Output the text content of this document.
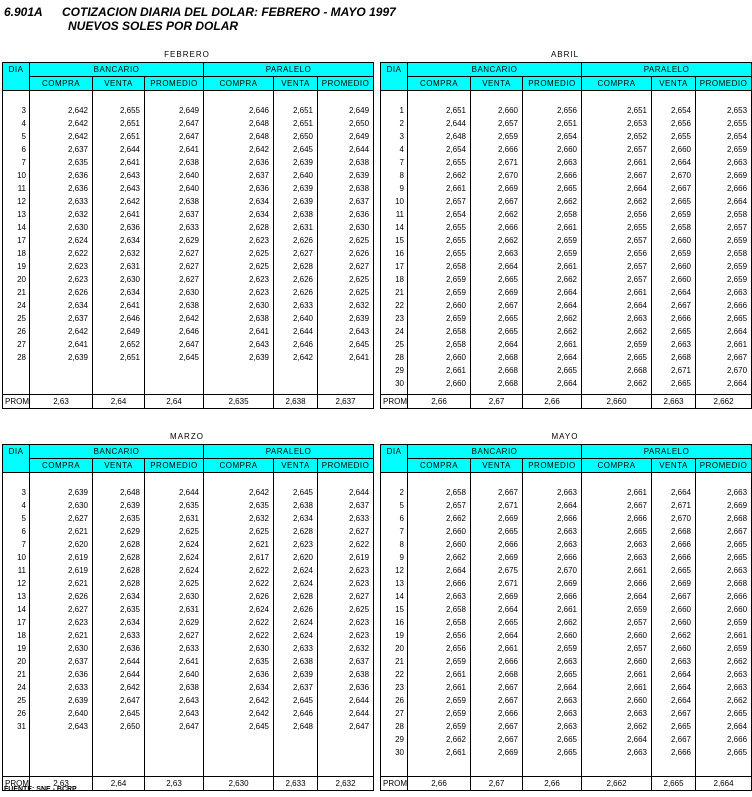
6.901A COTIZACION DIARIA DEL DOLAR: FEBRERO - MAYO 1997
NUEVOS SOLES POR DOLAR
FEBRERO
DIA	BANCARIO			PARALELO		
	COMPRA	VENTA	PROMEDIO	COMPRA	VENTA	PROMEDIO

3	2,642	2,655	2,649	2,646	2,651	2,649
4	2,642	2,651	2,647	2,648	2,651	2,650
5	2,642	2,651	2,647	2,648	2,650	2,649
6	2,637	2,644	2,641	2,642	2,645	2,644
7	2,635	2,641	2,638	2,636	2,639	2,638
10	2,636	2,643	2,640	2,637	2,640	2,639
11	2,636	2,643	2,640	2,636	2,639	2,638
12	2,633	2,642	2,638	2,634	2,639	2,637
13	2,632	2,641	2,637	2,634	2,638	2,636
14	2,630	2,636	2,633	2,628	2,631	2,630
17	2,624	2,634	2,629	2,623	2,626	2,625
18	2,622	2,632	2,627	2,625	2,627	2,626
19	2,623	2,631	2,627	2,625	2,628	2,627
20	2,623	2,630	2,627	2,623	2,626	2,625
21	2,626	2,634	2,630	2,623	2,626	2,625
24	2,634	2,641	2,638	2,630	2,633	2,632
25	2,637	2,646	2,642	2,638	2,640	2,639
26	2,642	2,649	2,646	2,641	2,644	2,643
27	2,641	2,652	2,647	2,643	2,646	2,645
28	2,639	2,651	2,645	2,639	2,642	2,641

PROM	2,63	2,64	2,64	2,635	2,638	2,637
ABRIL
DIA	BANCARIO			PARALELO		
	COMPRA	VENTA	PROMEDIO	COMPRA	VENTA	PROMEDIO

1	2,651	2,660	2,656	2,651	2,654	2,653
2	2,644	2,657	2,651	2,653	2,656	2,655
3	2,648	2,659	2,654	2,652	2,655	2,654
4	2,654	2,666	2,660	2,657	2,660	2,659
7	2,655	2,671	2,663	2,661	2,664	2,663
8	2,662	2,670	2,666	2,667	2,670	2,669
9	2,661	2,669	2,665	2,664	2,667	2,666
10	2,657	2,667	2,662	2,662	2,665	2,664
11	2,654	2,662	2,658	2,656	2,659	2,658
14	2,655	2,666	2,661	2,655	2,658	2,657
15	2,655	2,662	2,659	2,657	2,660	2,659
16	2,655	2,663	2,659	2,656	2,659	2,658
17	2,658	2,664	2,661	2,657	2,660	2,659
18	2,659	2,665	2,662	2,657	2,660	2,659
21	2,659	2,669	2,664	2,661	2,664	2,663
22	2,660	2,667	2,664	2,664	2,667	2,666
23	2,659	2,665	2,662	2,663	2,666	2,665
24	2,658	2,665	2,662	2,662	2,665	2,664
25	2,658	2,664	2,661	2,659	2,663	2,661
28	2,660	2,668	2,664	2,665	2,668	2,667
29	2,661	2,668	2,665	2,668	2,671	2,670
30	2,660	2,668	2,664	2,662	2,665	2,664

PROM	2,66	2,67	2,66	2,660	2,663	2,662
MARZO
DIA	BANCARIO			PARALELO		
	COMPRA	VENTA	PROMEDIO	COMPRA	VENTA	PROMEDIO

3	2,639	2,648	2,644	2,642	2,645	2,644
4	2,630	2,639	2,635	2,635	2,638	2,637
5	2,627	2,635	2,631	2,632	2,634	2,633
6	2,621	2,629	2,625	2,625	2,628	2,627
7	2,620	2,628	2,624	2,621	2,623	2,622
10	2,619	2,628	2,624	2,617	2,620	2,619
11	2,619	2,628	2,624	2,622	2,624	2,623
12	2,621	2,628	2,625	2,622	2,624	2,623
13	2,626	2,634	2,630	2,626	2,628	2,627
14	2,627	2,635	2,631	2,624	2,626	2,625
17	2,623	2,634	2,629	2,622	2,624	2,623
18	2,621	2,633	2,627	2,622	2,624	2,623
19	2,630	2,636	2,633	2,630	2,633	2,632
20	2,637	2,644	2,641	2,635	2,638	2,637
21	2,636	2,644	2,640	2,636	2,639	2,638
24	2,633	2,642	2,638	2,634	2,637	2,636
25	2,639	2,647	2,643	2,642	2,645	2,644
26	2,640	2,645	2,643	2,642	2,646	2,644
31	2,643	2,650	2,647	2,645	2,648	2,647

PROM	2,63	2,64	2,63	2,630	2,633	2,632
MAYO
DIA	BANCARIO			PARALELO		
	COMPRA	VENTA	PROMEDIO	COMPRA	VENTA	PROMEDIO

2	2,658	2,667	2,663	2,661	2,664	2,663
5	2,657	2,671	2,664	2,667	2,671	2,669
6	2,662	2,669	2,666	2,666	2,670	2,668
7	2,660	2,665	2,663	2,665	2,668	2,667
8	2,660	2,666	2,663	2,663	2,666	2,665
9	2,662	2,669	2,666	2,663	2,666	2,665
12	2,664	2,675	2,670	2,661	2,665	2,663
13	2,666	2,671	2,669	2,666	2,669	2,668
14	2,663	2,669	2,666	2,664	2,667	2,666
15	2,658	2,664	2,661	2,659	2,660	2,660
16	2,658	2,665	2,662	2,657	2,660	2,659
19	2,656	2,664	2,660	2,660	2,662	2,661
20	2,656	2,661	2,659	2,657	2,660	2,659
21	2,659	2,666	2,663	2,660	2,663	2,662
22	2,661	2,668	2,665	2,661	2,664	2,663
23	2,661	2,667	2,664	2,661	2,664	2,663
26	2,659	2,667	2,663	2,660	2,664	2,662
27	2,659	2,666	2,663	2,663	2,667	2,665
28	2,659	2,667	2,663	2,662	2,665	2,664
29	2,662	2,667	2,665	2,664	2,667	2,666
30	2,661	2,669	2,665	2,663	2,666	2,665

PROM	2,66	2,67	2,66	2,662	2,665	2,664
FUENTE: SNE - BCRP
